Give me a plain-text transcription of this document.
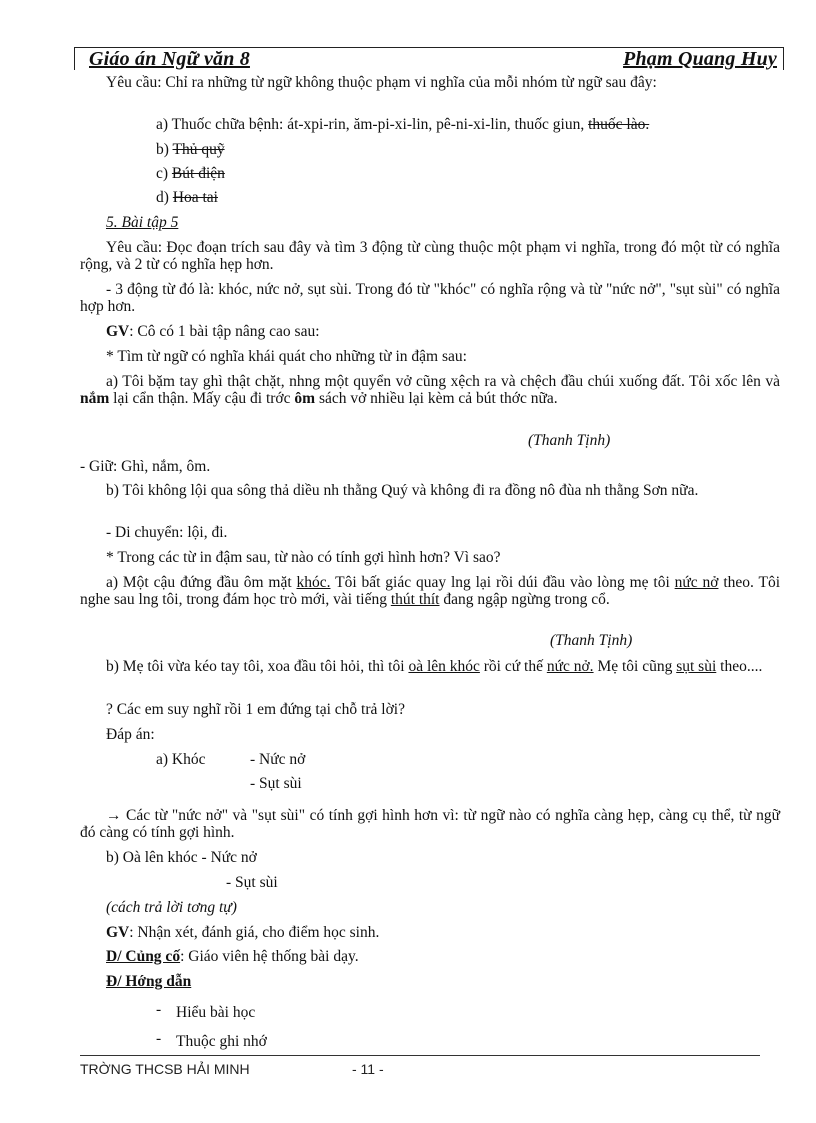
Giáo án Ngữ văn 8	Phạm Quang Huy
Yêu cầu: Chỉ ra những từ ngữ không thuộc phạm vi nghĩa của mỗi nhóm từ ngữ sau đây:
a) Thuốc chữa bệnh: át-xpi-rin, ăm-pi-xi-lin, pê-ni-xi-lin, thuốc giun, thuốc lào.
b) Thủ quỹ
c) Bút điện
d) Hoa tai
5. Bài tập 5
Yêu cầu: Đọc đoạn trích sau đây và tìm 3 động từ cùng thuộc một phạm vi nghĩa, trong đó một từ có nghĩa rộng, và 2 từ có nghĩa hẹp hơn.
- 3 động từ đó là: khóc, nức nở, sụt sùi. Trong đó từ "khóc" có nghĩa rộng và từ "nức nở", "sụt sùi" có nghĩa hợp hơn.
GV: Cô có 1 bài tập nâng cao sau:
* Tìm từ ngữ có nghĩa khái quát cho những từ in đậm sau:
a) Tôi bặm tay ghì thật chặt, nhng một quyển vở cũng xệch ra và chệch đầu chúi xuống đất. Tôi xốc lên và nắm lại cẩn thận. Mấy cậu đi trớc ôm sách vở nhiều lại kèm cả bút thớc nữa.
(Thanh Tịnh)
- Giữ: Ghì, nắm, ôm.
b) Tôi không lội qua sông thả diều nh thằng Quý và không đi ra đồng nô đùa nh thằng Sơn nữa.
- Di chuyển: lội, đi.
* Trong các từ in đậm sau, từ nào có tính gợi hình hơn? Vì sao?
a) Một cậu đứng đầu ôm mặt khóc. Tôi bất giác quay lng lại rồi dúi đầu vào lòng mẹ tôi nức nở theo. Tôi nghe sau lng tôi, trong đám học trò mới, vài tiếng thút thít đang ngập ngừng trong cổ.
(Thanh Tịnh)
b) Mẹ tôi vừa kéo tay tôi, xoa đầu tôi hỏi, thì tôi oà lên khóc rồi cứ thế nức nở. Mẹ tôi cũng sụt sùi theo....
? Các em suy nghĩ rồi 1 em đứng tại chỗ trả lời?
Đáp án:
a) Khóc	- Nức nở
- Sụt sùi
→ Các từ "nức nở" và "sụt sùi" có tính gợi hình hơn vì: từ ngữ nào có nghĩa càng hẹp, càng cụ thể, từ ngữ đó càng có tính gợi hình.
b) Oà lên khóc - Nức nở
- Sụt sùi
(cách trả lời tơng tự)
GV: Nhận xét, đánh giá, cho điểm học sinh.
D/ Củng cố: Giáo viên hệ thống bài dạy.
Đ/ Hớng dẫn
- Hiểu bài học
- Thuộc ghi nhớ
TRỜNG THCSB HẢI MINH	- 11 -
